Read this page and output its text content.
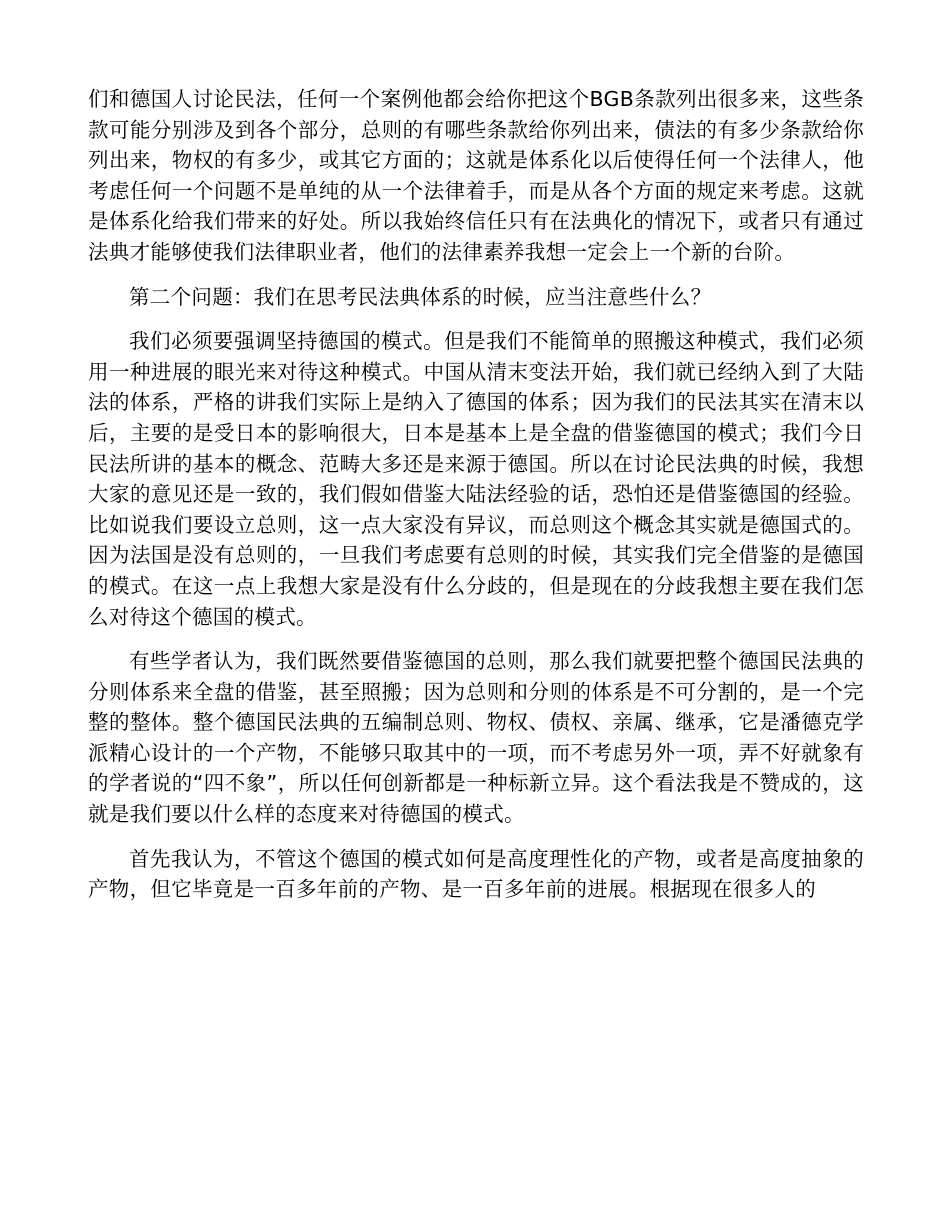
们和德国人讨论民法，任何一个案例他都会给你把这个BGB条款列出很多来，这些条款可能分别涉及到各个部分，总则的有哪些条款给你列出来，债法的有多少条款给你列出来，物权的有多少，或其它方面的；这就是体系化以后使得任何一个法律人，他考虑任何一个问题不是单纯的从一个法律着手，而是从各个方面的规定来考虑。这就是体系化给我们带来的好处。所以我始终信任只有在法典化的情况下，或者只有通过法典才能够使我们法律职业者，他们的法律素养我想一定会上一个新的台阶。

第二个问题：我们在思考民法典体系的时候，应当注意些什么？

我们必须要强调坚持德国的模式。但是我们不能简单的照搬这种模式，我们必须用一种进展的眼光来对待这种模式。中国从清末变法开始，我们就已经纳入到了大陆法的体系，严格的讲我们实际上是纳入了德国的体系；因为我们的民法其实在清末以后，主要的是受日本的影响很大，日本是基本上是全盘的借鉴德国的模式；我们今日民法所讲的基本的概念、范畴大多还是来源于德国。所以在讨论民法典的时候，我想大家的意见还是一致的，我们假如借鉴大陆法经验的话，恐怕还是借鉴德国的经验。比如说我们要设立总则，这一点大家没有异议，而总则这个概念其实就是德国式的。因为法国是没有总则的，一旦我们考虑要有总则的时候，其实我们完全借鉴的是德国的模式。在这一点上我想大家是没有什么分歧的，但是现在的分歧我想主要在我们怎么对待这个德国的模式。

有些学者认为，我们既然要借鉴德国的总则，那么我们就要把整个德国民法典的分则体系来全盘的借鉴，甚至照搬；因为总则和分则的体系是不可分割的，是一个完整的整体。整个德国民法典的五编制总则、物权、债权、亲属、继承，它是潘德克学派精心设计的一个产物，不能够只取其中的一项，而不考虑另外一项，弄不好就象有的学者说的“四不象”，所以任何创新都是一种标新立异。这个看法我是不赞成的，这就是我们要以什么样的态度来对待德国的模式。

首先我认为，不管这个德国的模式如何是高度理性化的产物，或者是高度抽象的产物，但它毕竟是一百多年前的产物、是一百多年前的进展。根据现在很多人的
